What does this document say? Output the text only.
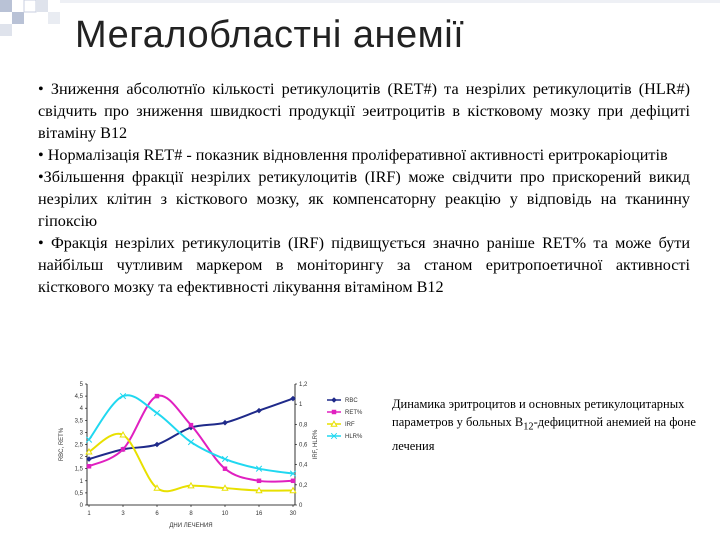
Мегалобластні анемії

• Зниження абсолютнїо кількості ретикулоцитів (RET#) та незрілих ретикулоцитів (HLR#) свідчить про зниження швидкості продукції эеитроцитів в кістковому мозку при дефіциті вітаміну В12

• Нормалізація RET# - показник відновлення проліферативної активності еритрокаріоцитів

•Збільшення фракції незрілих ретикулоцитів (IRF) може свідчити про прискорений викид незрілих клітин з кісткового мозку, як компенсаторну реакцію у відповідь на тканинну гіпоксію

• Фракція незрілих ретикулоцитів (IRF) підвищується значно раніше RET% та може бути найбільш чутливим маркером в моніторингу за станом еритропоетичної активності кісткового мозку та ефективності лікування вітаміном В12

0
0,5
1
1,5
2
2,5
3
3,5
4
4,5
5
0
0,2
0,4
0,6
0,8
1
1,2
1	3	6	8	10	16	30
ДНИ ЛЕЧЕНИЯ
RBC, RET%	IRF, HLR%
RBC
RET%
IRF
HLR%
Динамика эритроцитов и основных ретикулоцитарных параметров у больных $В_{12}$-дефицитной анемией на фоне лечения
